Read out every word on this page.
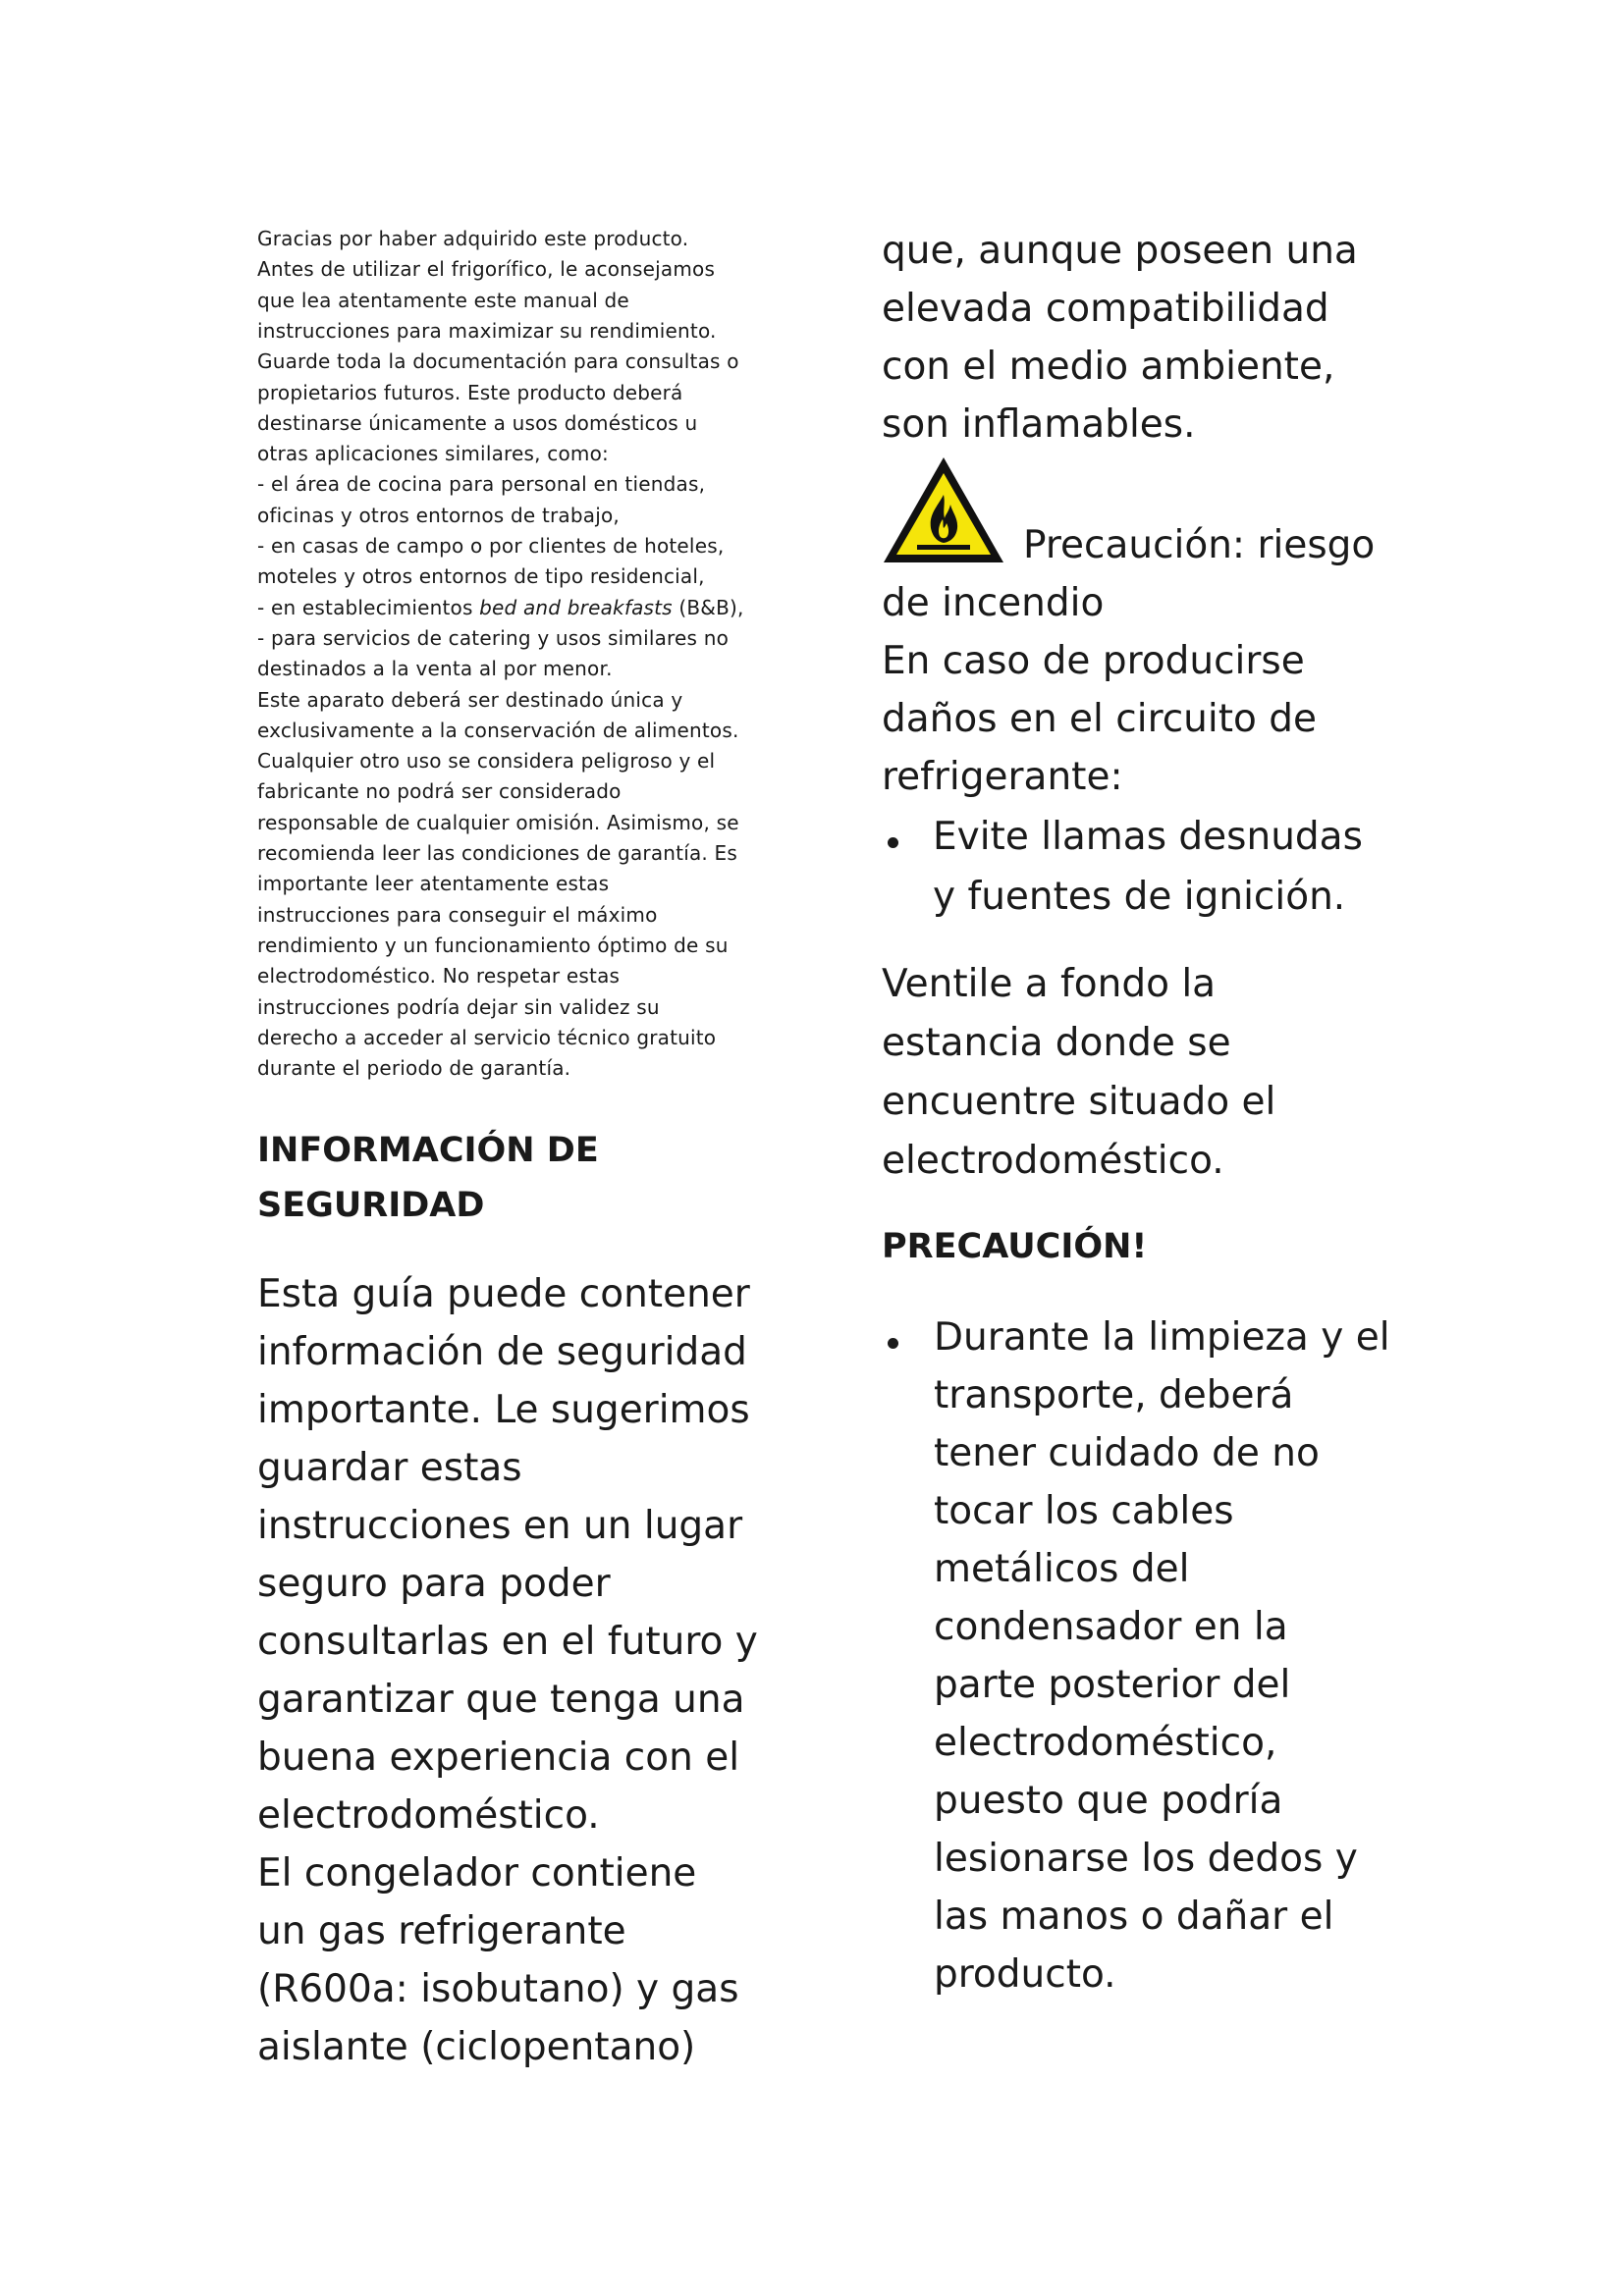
Gracias por haber adquirido este producto.
Antes de utilizar el frigorífico, le aconsejamos
que lea atentamente este manual de
instrucciones para maximizar su rendimiento.
Guarde toda la documentación para consultas o
propietarios futuros. Este producto deberá
destinarse únicamente a usos domésticos u
otras aplicaciones similares, como:
- el área de cocina para personal en tiendas,
oficinas y otros entornos de trabajo,
- en casas de campo o por clientes de hoteles,
moteles y otros entornos de tipo residencial,
- en establecimientos bed and breakfasts (B&B),
- para servicios de catering y usos similares no
destinados a la venta al por menor.
Este aparato deberá ser destinado única y
exclusivamente a la conservación de alimentos.
Cualquier otro uso se considera peligroso y el
fabricante no podrá ser considerado
responsable de cualquier omisión. Asimismo, se
recomienda leer las condiciones de garantía. Es
importante leer atentamente estas
instrucciones para conseguir el máximo
rendimiento y un funcionamiento óptimo de su
electrodoméstico. No respetar estas
instrucciones podría dejar sin validez su
derecho a acceder al servicio técnico gratuito
durante el periodo de garantía.
INFORMACIÓN DE
SEGURIDAD
Esta guía puede contener
información de seguridad
importante. Le sugerimos
guardar estas
instrucciones en un lugar
seguro para poder
consultarlas en el futuro y
garantizar que tenga una
buena experiencia con el
electrodoméstico.
El congelador contiene
un gas refrigerante
(R600a: isobutano) y gas
aislante (ciclopentano)
que, aunque poseen una
elevada compatibilidad
con el medio ambiente,
son inflamables.
Precaución: riesgo
de incendio
En caso de producirse
daños en el circuito de
refrigerante:
Evite llamas desnudas
y fuentes de ignición.
Ventile a fondo la
estancia donde se
encuentre situado el
electrodoméstico.
PRECAUCIÓN!
Durante la limpieza y el
transporte, deberá
tener cuidado de no
tocar los cables
metálicos del
condensador en la
parte posterior del
electrodoméstico,
puesto que podría
lesionarse los dedos y
las manos o dañar el
producto.
